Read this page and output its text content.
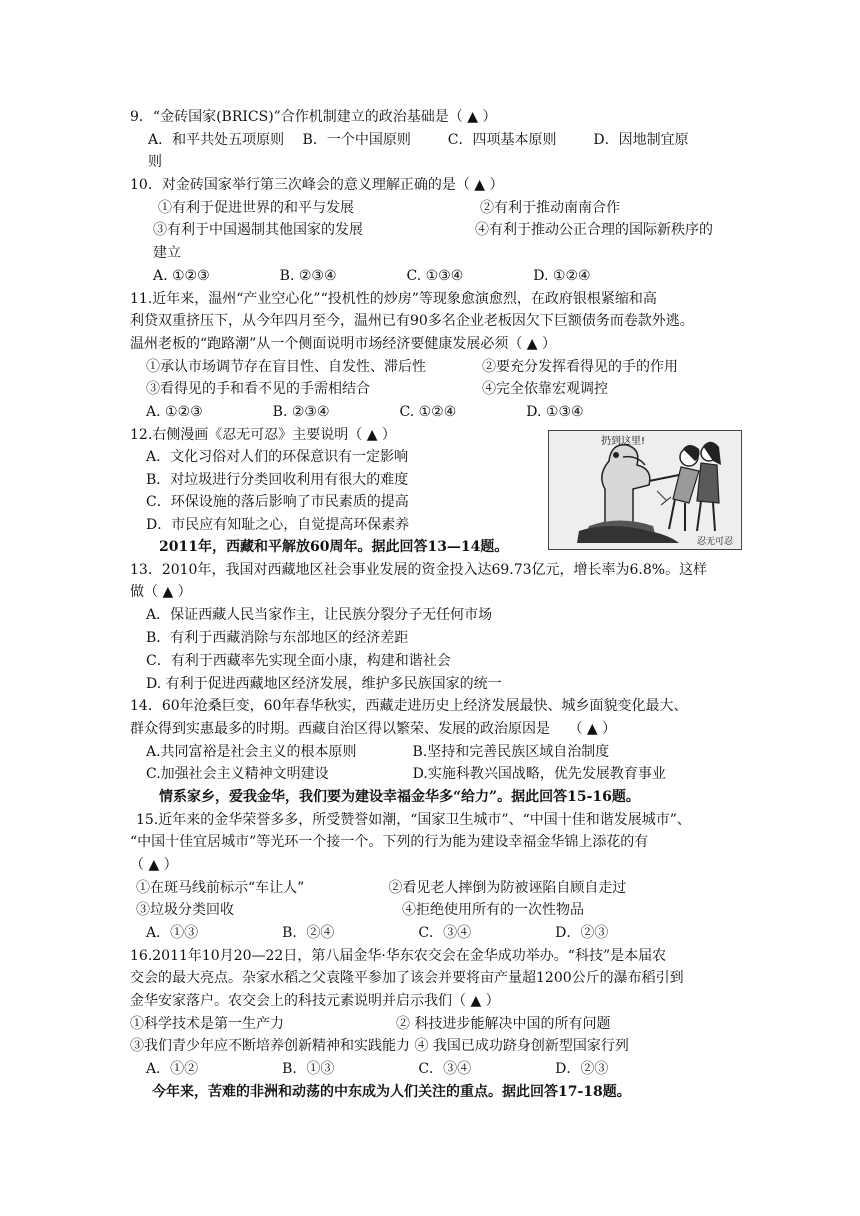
9．“金砖国家(BRICS)”合作机制建立的政治基础是（ ▲ ）
A．和平共处五项原则　 B．一个中国原则　 　 C．四项基本原则　 　 D．因地制宜原
则
10．对金砖国家举行第三次峰会的意义理解正确的是（ ▲ ）
①有利于促进世界的和平与发展　　　　　　　　　②有利于推动南南合作
③有利于中国遏制其他国家的发展　　　　　　　　④有利于推动公正合理的国际新秩序的
建立
A. ①②③　　　　　B. ②③④　　　　　C. ①③④　　　　　D. ①②④
11.近年来，温州“产业空心化”“投机性的炒房”等现象愈演愈烈，在政府银根紧缩和高
利贷双重挤压下，从今年四月至今，温州已有90多名企业老板因欠下巨额债务而卷款外逃。
温州老板的“跑路潮”从一个侧面说明市场经济要健康发展必须（ ▲ ）
①承认市场调节存在盲目性、自发性、滞后性　　　　②要充分发挥看得见的手的作用
③看得见的手和看不见的手需相结合　　　　　　　　④完全依靠宏观调控
A. ①②③　　　　　B. ②③④　　　　　C. ①②④　　　　　D. ①③④
12.右侧漫画《忍无可忍》主要说明（ ▲ ）
A．文化习俗对人们的环保意识有一定影响
B．对垃圾进行分类回收利用有很大的难度
C．环保设施的落后影响了市民素质的提高
D．市民应有知耻之心，自觉提高环保素养
扔到这里!
忍无可忍
2011年，西藏和平解放60周年。据此回答13—14题。
13．2010年，我国对西藏地区社会事业发展的资金投入达69.73亿元，增长率为6.8%。这样
做（ ▲ ）
A．保证西藏人民当家作主，让民族分裂分子无任何市场
B．有利于西藏消除与东部地区的经济差距
C．有利于西藏率先实现全面小康，构建和谐社会
D. 有利于促进西藏地区经济发展，维护多民族国家的统一
14．60年沧桑巨变，60年春华秋实，西藏走进历史上经济发展最快、城乡面貌变化最大、
群众得到实惠最多的时期。西藏自治区得以繁荣、发展的政治原因是　 （ ▲ ）
A.共同富裕是社会主义的根本原则　　　　B.坚持和完善民族区域自治制度
C.加强社会主义精神文明建设　　　　　　D.实施科教兴国战略，优先发展教育事业
情系家乡，爱我金华，我们要为建设幸福金华多“给力”。据此回答15-16题。
15.近年来的金华荣誉多多，所受赞誉如潮，“国家卫生城市”、“中国十佳和谐发展城市”、
“中国十佳宜居城市”等光环一个接一个。下列的行为能为建设幸福金华锦上添花的有
（ ▲ ）
①在斑马线前标示“车让人”　　　　　　②看见老人摔倒为防被诬陷自顾自走过
③垃圾分类回收　　　　　　　　　　　　④拒绝使用所有的一次性物品
A．①③　　　　　　B．②④　　　　　　C．③④　　　　　　D．②③
16.2011年10月20—22日，第八届金华·华东农交会在金华成功举办。“科技”是本届农
交会的最大亮点。杂家水稻之父袁隆平参加了该会并要将亩产量超1200公斤的瀑布稻引到
金华安家落户。农交会上的科技元素说明并启示我们（ ▲ ）
①科学技术是第一生产力　　　　　　　　② 科技进步能解决中国的所有问题
③我们青少年应不断培养创新精神和实践能力 ④ 我国已成功跻身创新型国家行列
A．①②　　　　　　B．①③　　　　　　C．③④　　　　　　D．②③
今年来，苦难的非洲和动荡的中东成为人们关注的重点。据此回答17-18题。
